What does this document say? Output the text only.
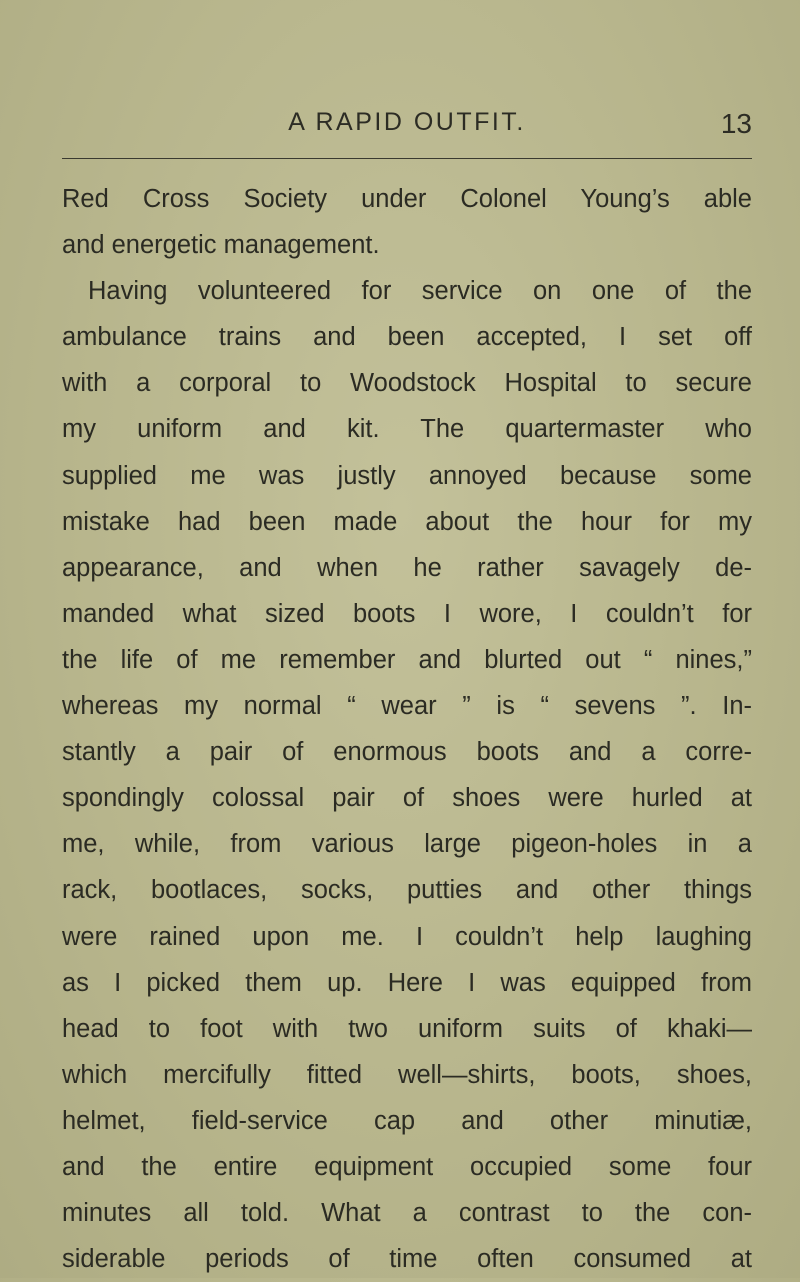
A RAPID OUTFIT.	13
Red Cross Society under Colonel Young’s able
and energetic management.
Having volunteered for service on one of the
ambulance trains and been accepted, I set off
with a corporal to Woodstock Hospital to secure
my uniform and kit. The quartermaster who
supplied me was justly annoyed because some
mistake had been made about the hour for my
appearance, and when he rather savagely de-
manded what sized boots I wore, I couldn’t for
the life of me remember and blurted out “ nines,”
whereas my normal “ wear ” is “ sevens ”. In-
stantly a pair of enormous boots and a corre-
spondingly colossal pair of shoes were hurled at
me, while, from various large pigeon-holes in a
rack, bootlaces, socks, putties and other things
were rained upon me. I couldn’t help laughing
as I picked them up. Here I was equipped from
head to foot with two uniform suits of khaki—
which mercifully fitted well—shirts, boots, shoes,
helmet, field-service cap and other minutiæ,
and the entire equipment occupied some four
minutes all told. What a contrast to the con-
siderable periods of time often consumed at
